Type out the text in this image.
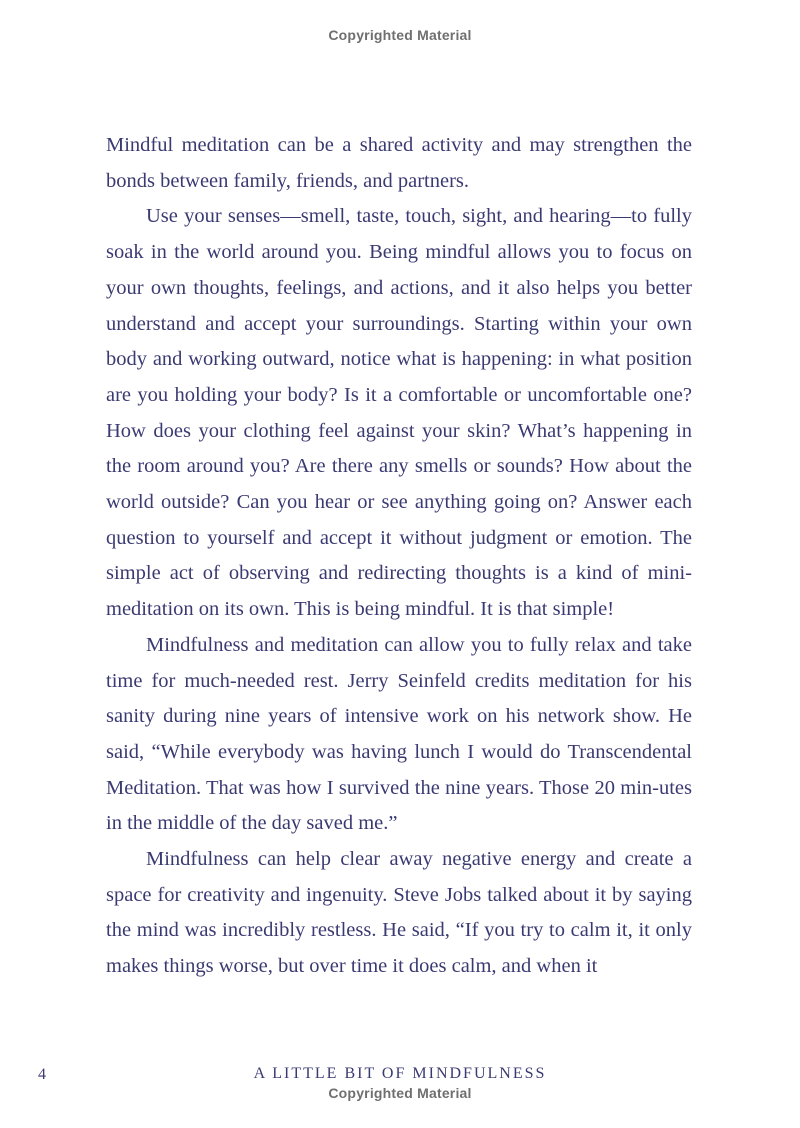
Copyrighted Material

Mindful meditation can be a shared activity and may strengthen the bonds between family, friends, and partners.

Use your senses—smell, taste, touch, sight, and hearing—to fully soak in the world around you. Being mindful allows you to focus on your own thoughts, feelings, and actions, and it also helps you better understand and accept your surroundings. Starting within your own body and working outward, notice what is happening: in what position are you holding your body? Is it a comfortable or uncomfortable one? How does your clothing feel against your skin? What’s happening in the room around you? Are there any smells or sounds? How about the world outside? Can you hear or see anything going on? Answer each question to yourself and accept it without judgment or emotion. The simple act of observing and redirecting thoughts is a kind of mini-meditation on its own. This is being mindful. It is that simple!

Mindfulness and meditation can allow you to fully relax and take time for much-needed rest. Jerry Seinfeld credits meditation for his sanity during nine years of intensive work on his network show. He said, “While everybody was having lunch I would do Transcendental Meditation. That was how I survived the nine years. Those 20 min-utes in the middle of the day saved me.”

Mindfulness can help clear away negative energy and create a space for creativity and ingenuity. Steve Jobs talked about it by saying the mind was incredibly restless. He said, “If you try to calm it, it only makes things worse, but over time it does calm, and when it

4	A LITTLE BIT OF MINDFULNESS
Copyrighted Material
